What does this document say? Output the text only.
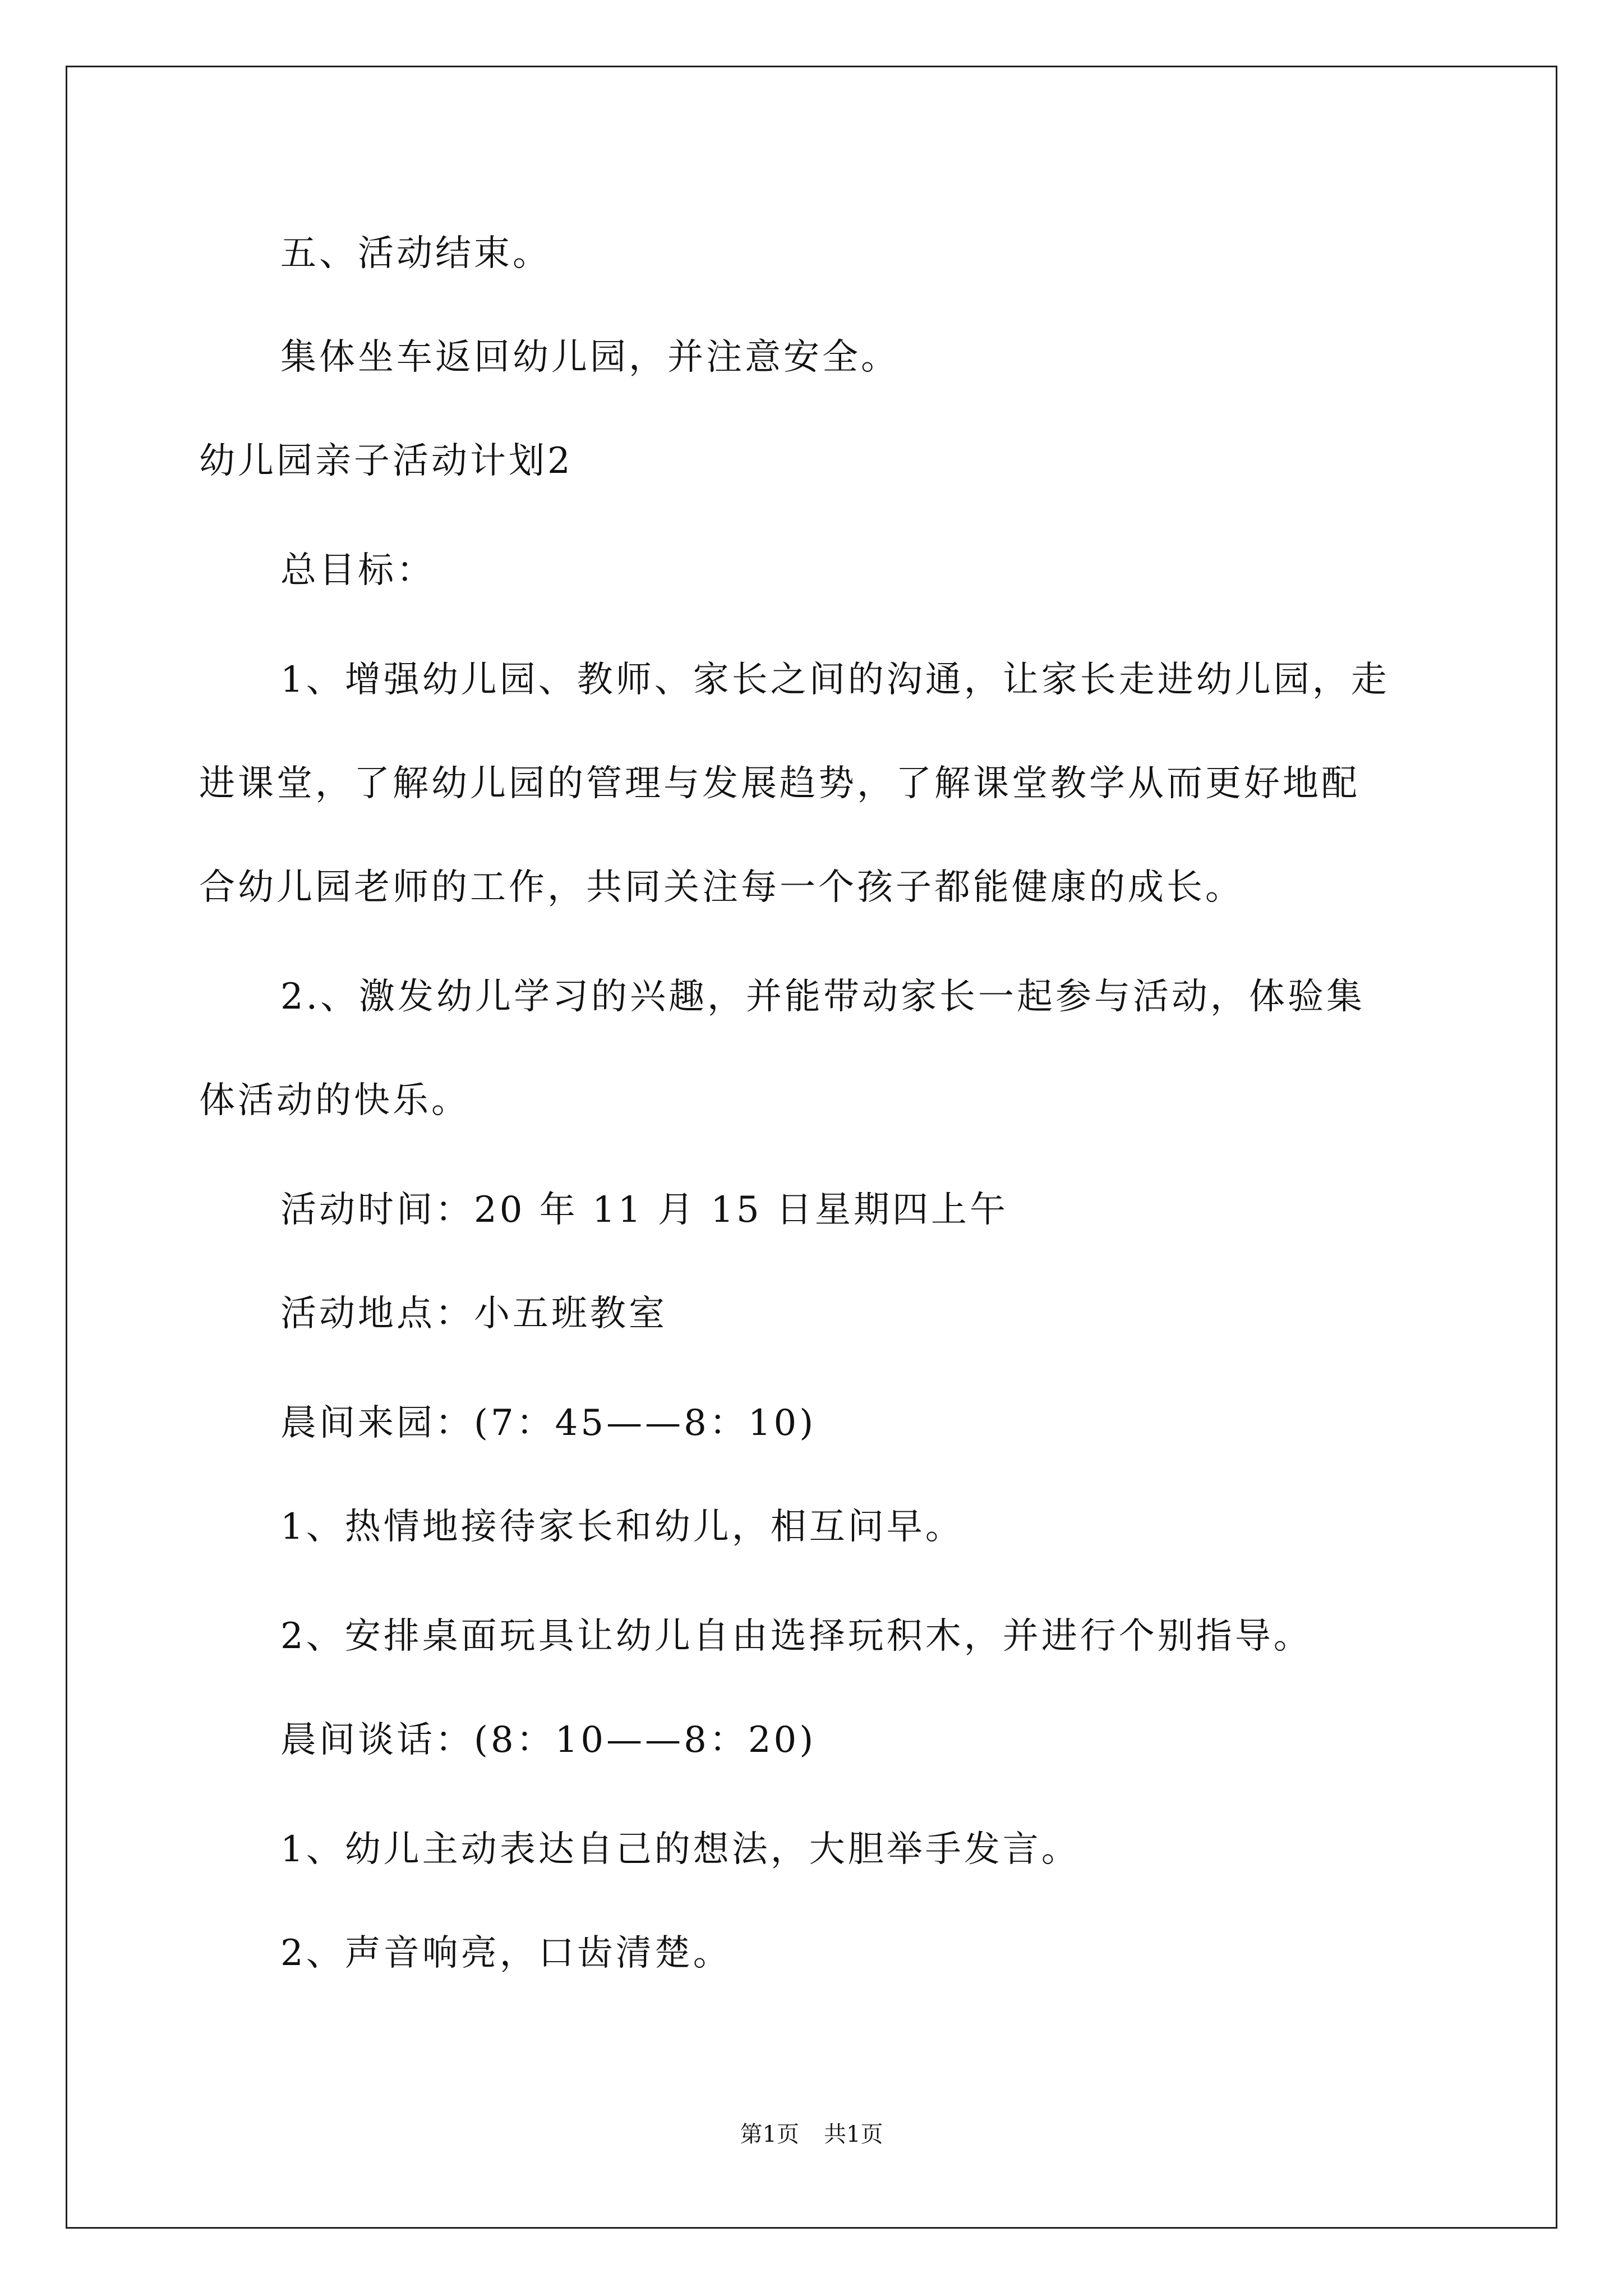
五、活动结束。
集体坐车返回幼儿园，并注意安全。
幼儿园亲子活动计划2
总目标：
1、增强幼儿园、教师、家长之间的沟通，让家长走进幼儿园，走
进课堂，了解幼儿园的管理与发展趋势，了解课堂教学从而更好地配
合幼儿园老师的工作，共同关注每一个孩子都能健康的成长。
2.、激发幼儿学习的兴趣，并能带动家长一起参与活动，体验集
体活动的快乐。
活动时间：20 年 11 月 15 日星期四上午
活动地点：小五班教室
晨间来园：(7：45——8：10)
1、热情地接待家长和幼儿，相互问早。
2、安排桌面玩具让幼儿自由选择玩积木，并进行个别指导。
晨间谈话：(8：10——8：20)
1、幼儿主动表达自己的想法，大胆举手发言。
2、声音响亮，口齿清楚。
第1页 共1页
